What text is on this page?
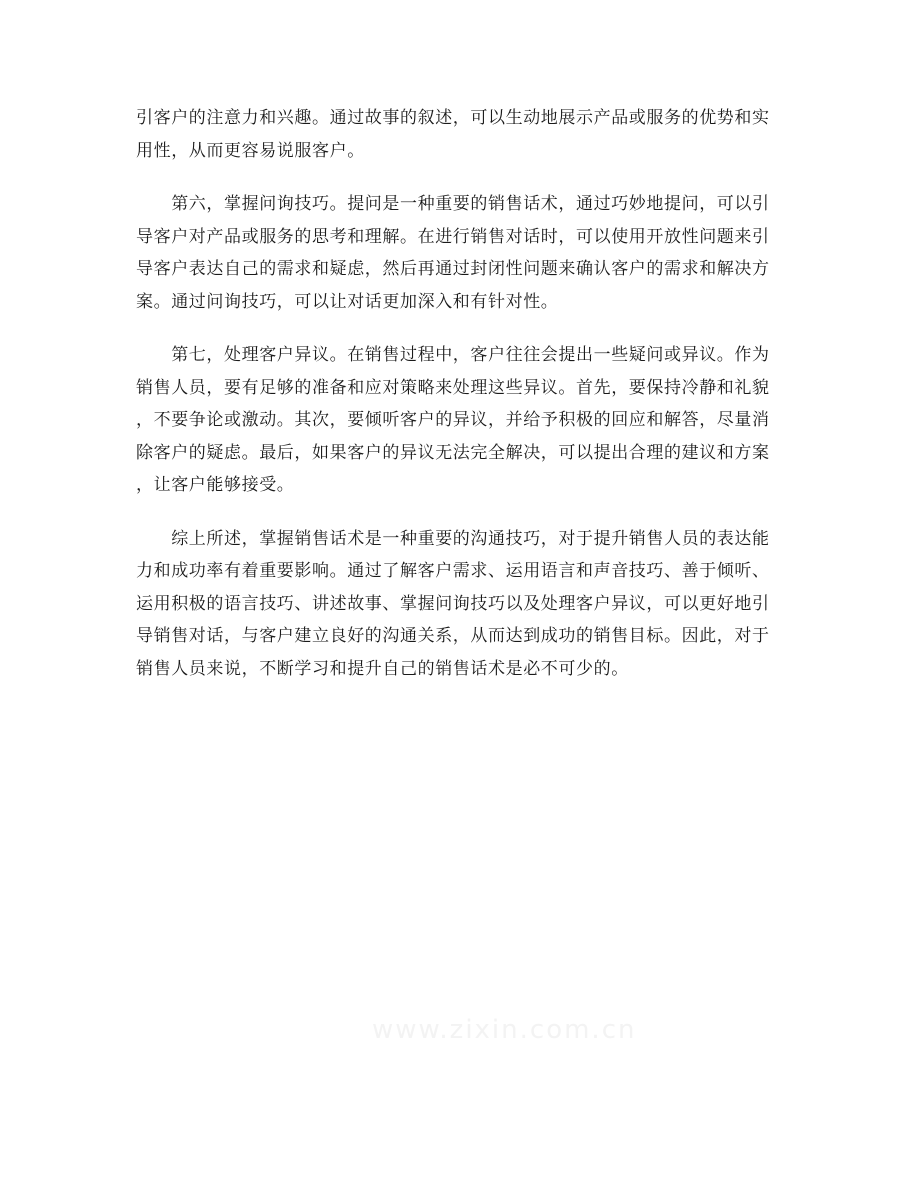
引客户的注意力和兴趣。通过故事的叙述，可以生动地展示产品或服务的优势和实
用性，从而更容易说服客户。

　　第六，掌握问询技巧。提问是一种重要的销售话术，通过巧妙地提问，可以引
导客户对产品或服务的思考和理解。在进行销售对话时，可以使用开放性问题来引
导客户表达自己的需求和疑虑，然后再通过封闭性问题来确认客户的需求和解决方
案。通过问询技巧，可以让对话更加深入和有针对性。

　　第七，处理客户异议。在销售过程中，客户往往会提出一些疑问或异议。作为
销售人员，要有足够的准备和应对策略来处理这些异议。首先，要保持冷静和礼貌
，不要争论或激动。其次，要倾听客户的异议，并给予积极的回应和解答，尽量消
除客户的疑虑。最后，如果客户的异议无法完全解决，可以提出合理的建议和方案
，让客户能够接受。

　　综上所述，掌握销售话术是一种重要的沟通技巧，对于提升销售人员的表达能
力和成功率有着重要影响。通过了解客户需求、运用语言和声音技巧、善于倾听、
运用积极的语言技巧、讲述故事、掌握问询技巧以及处理客户异议，可以更好地引
导销售对话，与客户建立良好的沟通关系，从而达到成功的销售目标。因此，对于
销售人员来说，不断学习和提升自己的销售话术是必不可少的。

www.zixin.com.cn
